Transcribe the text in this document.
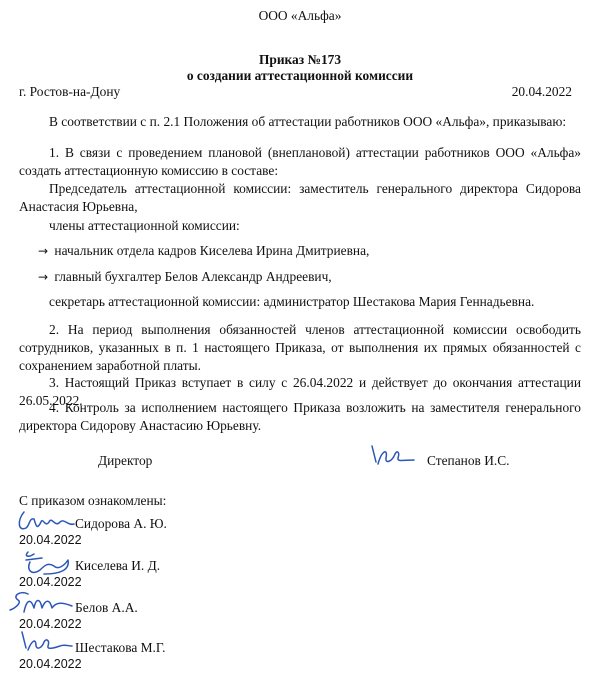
ООО «Альфа»
Приказ №173
о создании аттестационной комиссии
г. Ростов-на-Дону	20.04.2022
В соответствии с п. 2.1 Положения об аттестации работников ООО «Альфа», приказываю:
1. В связи с проведением плановой (внеплановой) аттестации работников ООО «Альфа» создать аттестационную комиссию в составе:
Председатель аттестационной комиссии: заместитель генерального директора Сидорова Анастасия Юрьевна,
члены аттестационной комиссии:
→ начальник отдела кадров Киселева Ирина Дмитриевна,
→ главный бухгалтер Белов Александр Андреевич,
секретарь аттестационной комиссии: администратор Шестакова Мария Геннадьевна.
2. На период выполнения обязанностей членов аттестационной комиссии освободить сотрудников, указанных в п. 1 настоящего Приказа, от выполнения их прямых обязанностей с сохранением заработной платы.
3. Настоящий Приказ вступает в силу с 26.04.2022 и действует до окончания аттестации 26.05.2022.
4. Контроль за исполнением настоящего Приказа возложить на заместителя генерального директора Сидорову Анастасию Юрьевну.
Директор	Степанов И.С.
С приказом ознакомлены:
Сидорова А. Ю.
20.04.2022
Киселева И. Д.
20.04.2022
Белов А.А.
20.04.2022
Шестакова М.Г.
20.04.2022
